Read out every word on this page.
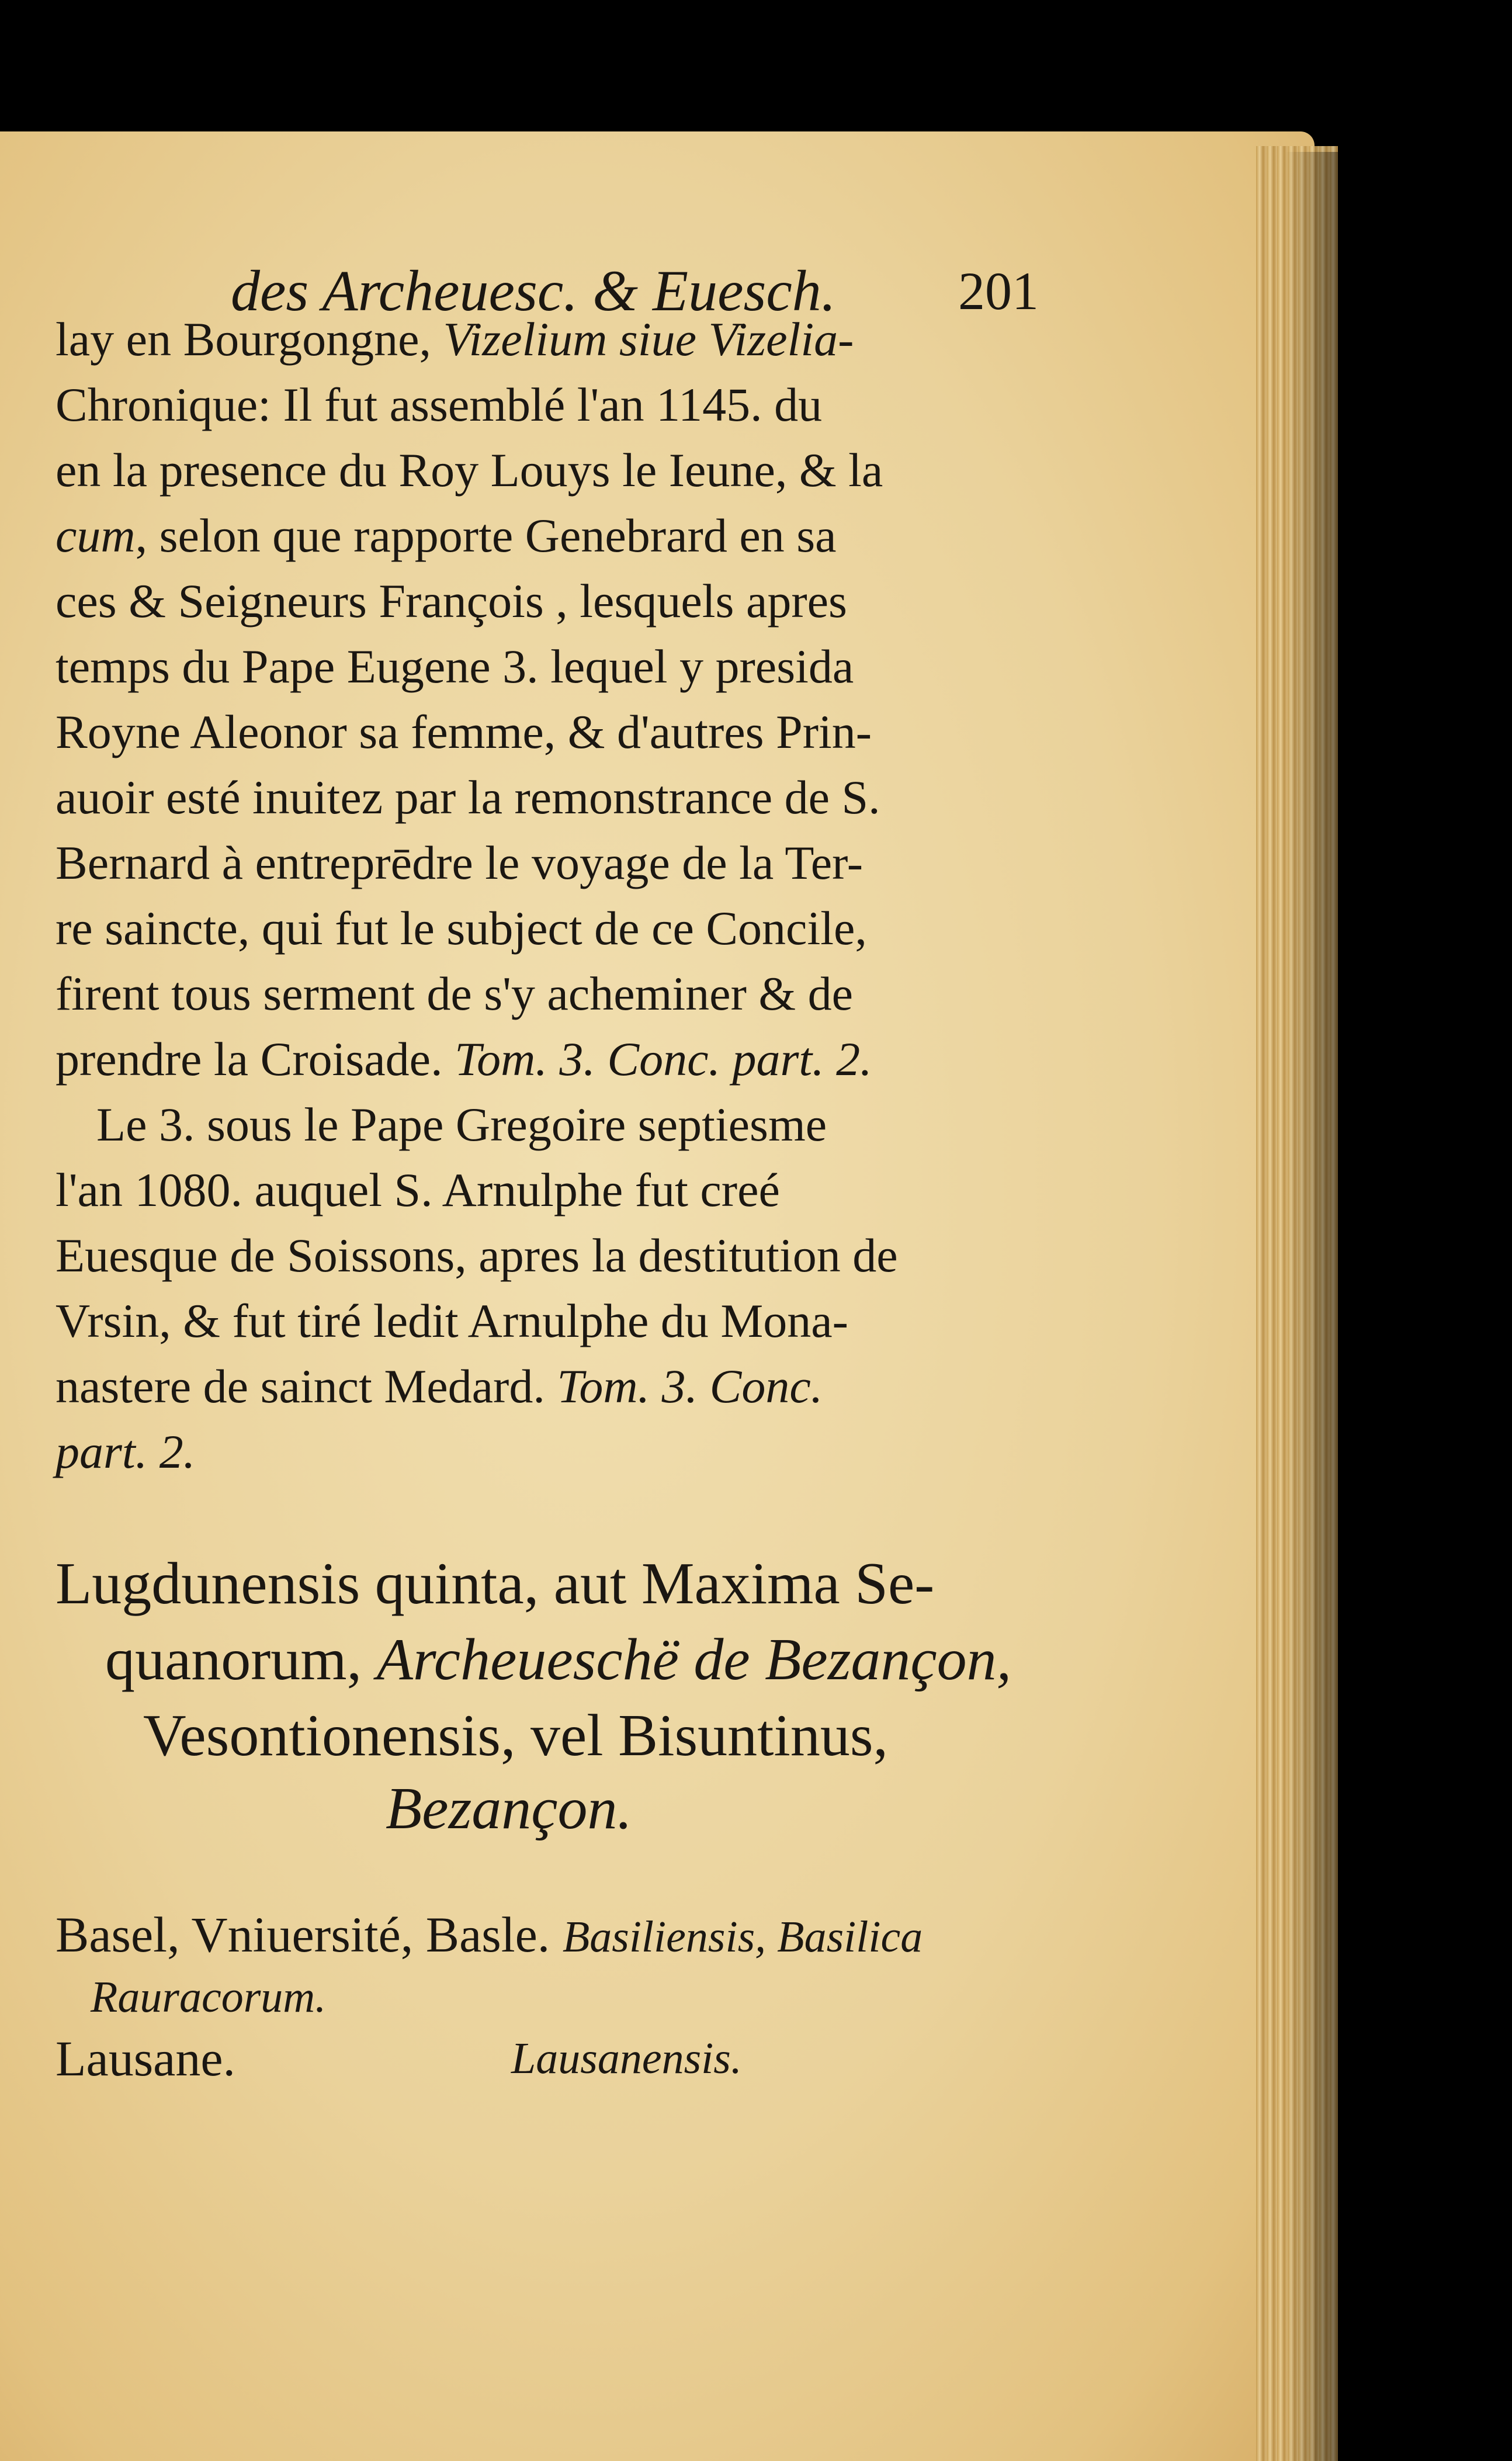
des Archeuesc. & Euesch. 201
lay en Bourgongne, Vizelium siue Vizelia-
Chronique: Il fut assemblé l'an 1145. du
en la presence du Roy Louys le Ieune, & la
cum, selon que rapporte Genebrard en sa
ces & Seigneurs François , lesquels apres
temps du Pape Eugene 3. lequel y presida
Royne Aleonor sa femme, & d'autres Prin-
auoir esté inuitez par la remonstrance de S.
Bernard à entreprēdre le voyage de la Ter-
re saincte, qui fut le subject de ce Concile,
firent tous serment de s'y acheminer & de
prendre la Croisade. Tom. 3. Conc. part. 2.
Le 3. sous le Pape Gregoire septiesme
l'an 1080. auquel S. Arnulphe fut creé
Euesque de Soissons, apres la destitution de
Vrsin, & fut tiré ledit Arnulphe du Mona-
nastere de sainct Medard. Tom. 3. Conc.
part. 2.
Lugdunensis quinta, aut Maxima Se-
quanorum, Archeueschë de Bezançon,
Vesontionensis, vel Bisuntinus,
Bezançon.
Basel, Vniuersité, Basle. Basiliensis, Basilica
Rauracorum.
Lausane.	Lausanensis.
